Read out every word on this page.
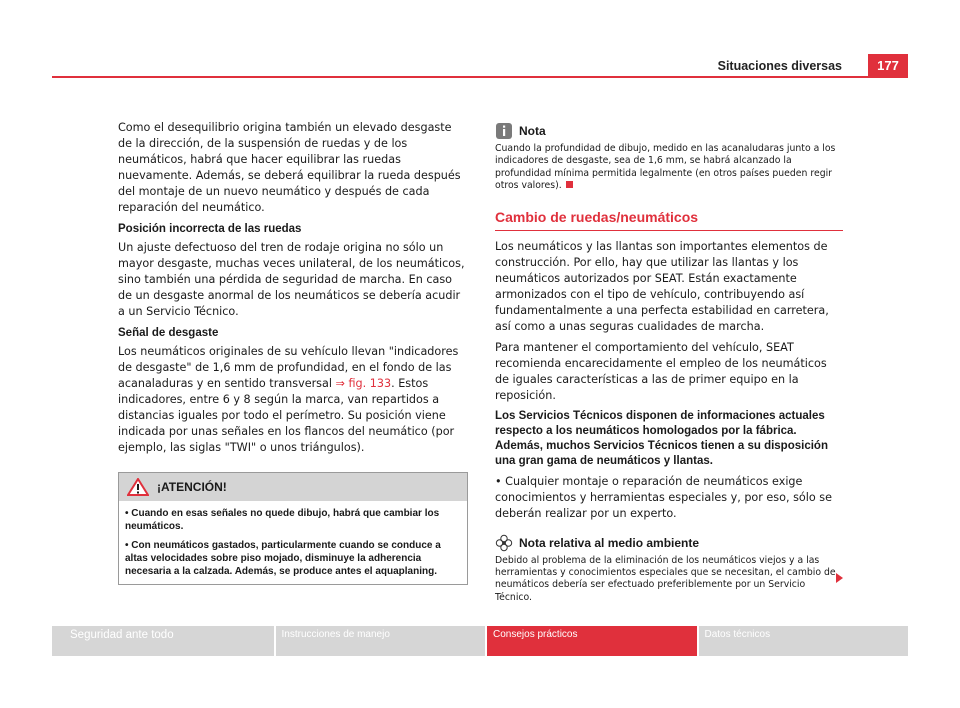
Situaciones diversas	177

Como el desequilibrio origina también un elevado desgaste de la dirección, de la suspensión de ruedas y de los neumáticos, habrá que hacer equilibrar las ruedas nuevamente. Además, se deberá equilibrar la rueda después del montaje de un nuevo neumático y después de cada reparación del neumático.

Posición incorrecta de las ruedas

Un ajuste defectuoso del tren de rodaje origina no sólo un mayor desgaste, muchas veces unilateral, de los neumáticos, sino también una pérdida de seguridad de marcha. En caso de un desgaste anormal de los neumáticos se debería acudir a un Servicio Técnico.

Señal de desgaste

Los neumáticos originales de su vehículo llevan "indicadores de desgaste" de 1,6 mm de profundidad, en el fondo de las acanaladuras y en sentido transversal ⇒ fig. 133. Estos indicadores, entre 6 y 8 según la marca, van repartidos a distancias iguales por todo el perímetro. Su posición viene indicada por unas señales en los flancos del neumático (por ejemplo, las siglas "TWI" o unos triángulos).

¡ATENCIÓN!

• Cuando en esas señales no quede dibujo, habrá que cambiar los neumáticos.

• Con neumáticos gastados, particularmente cuando se conduce a altas velocidades sobre piso mojado, disminuye la adherencia necesaria a la calzada. Además, se produce antes el aquaplaning.

Nota

Cuando la profundidad de dibujo, medido en las acanaludaras junto a los indicadores de desgaste, sea de 1,6 mm, se habrá alcanzado la profundidad mínima permitida legalmente (en otros países pueden regir otros valores).

Cambio de ruedas/neumáticos

Los neumáticos y las llantas son importantes elementos de construcción. Por ello, hay que utilizar las llantas y los neumáticos autorizados por SEAT. Están exactamente armonizados con el tipo de vehículo, contribuyendo así fundamentalmente a una perfecta estabilidad en carretera, así como a unas seguras cualidades de marcha.

Para mantener el comportamiento del vehículo, SEAT recomienda encarecidamente el empleo de los neumáticos de iguales características a las de primer equipo en la reposición.

Los Servicios Técnicos disponen de informaciones actuales respecto a los neumáticos homologados por la fábrica. Además, muchos Servicios Técnicos tienen a su disposición una gran gama de neumáticos y llantas.

• Cualquier montaje o reparación de neumáticos exige conocimientos y herramientas especiales y, por eso, sólo se deberán realizar por un experto.

Nota relativa al medio ambiente

Debido al problema de la eliminación de los neumáticos viejos y a las herramientas y conocimientos especiales que se necesitan, el cambio de neumáticos debería ser efectuado preferiblemente por un Servicio Técnico.

Seguridad ante todo	Instrucciones de manejo	Consejos prácticos	Datos técnicos
